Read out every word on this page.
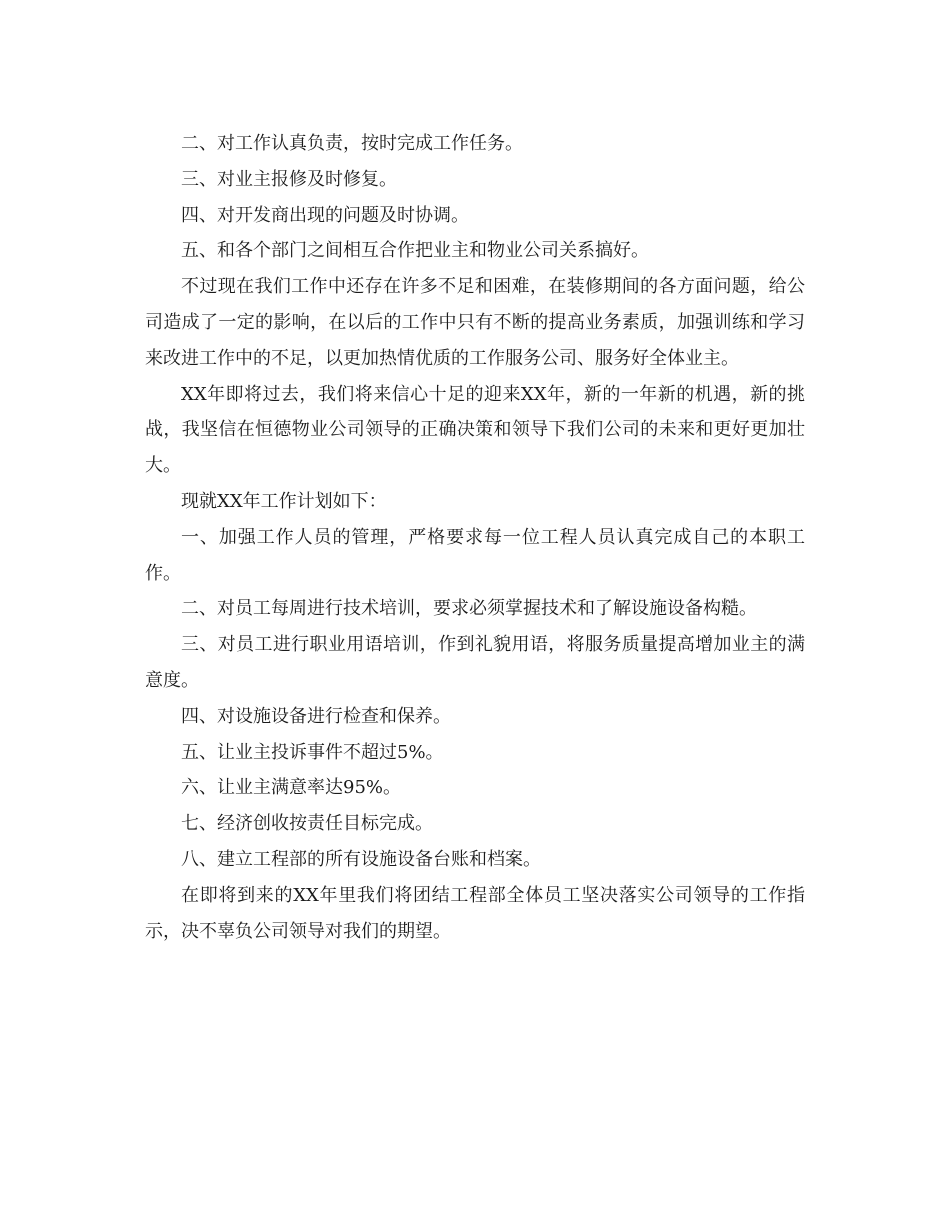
二、对工作认真负责，按时完成工作任务。

三、对业主报修及时修复。

四、对开发商出现的问题及时协调。

五、和各个部门之间相互合作把业主和物业公司关系搞好。

不过现在我们工作中还存在许多不足和困难，在装修期间的各方面问题，给公司造成了一定的影响，在以后的工作中只有不断的提高业务素质，加强训练和学习来改进工作中的不足，以更加热情优质的工作服务公司、服务好全体业主。

XX年即将过去，我们将来信心十足的迎来XX年，新的一年新的机遇，新的挑战，我坚信在恒德物业公司领导的正确决策和领导下我们公司的未来和更好更加壮大。

现就XX年工作计划如下：

一、加强工作人员的管理，严格要求每一位工程人员认真完成自己的本职工作。

二、对员工每周进行技术培训，要求必须掌握技术和了解设施设备构糙。

三、对员工进行职业用语培训，作到礼貌用语，将服务质量提高增加业主的满意度。

四、对设施设备进行检查和保养。

五、让业主投诉事件不超过5%。

六、让业主满意率达95%。

七、经济创收按责任目标完成。

八、建立工程部的所有设施设备台账和档案。

在即将到来的XX年里我们将团结工程部全体员工坚决落实公司领导的工作指示，决不辜负公司领导对我们的期望。
